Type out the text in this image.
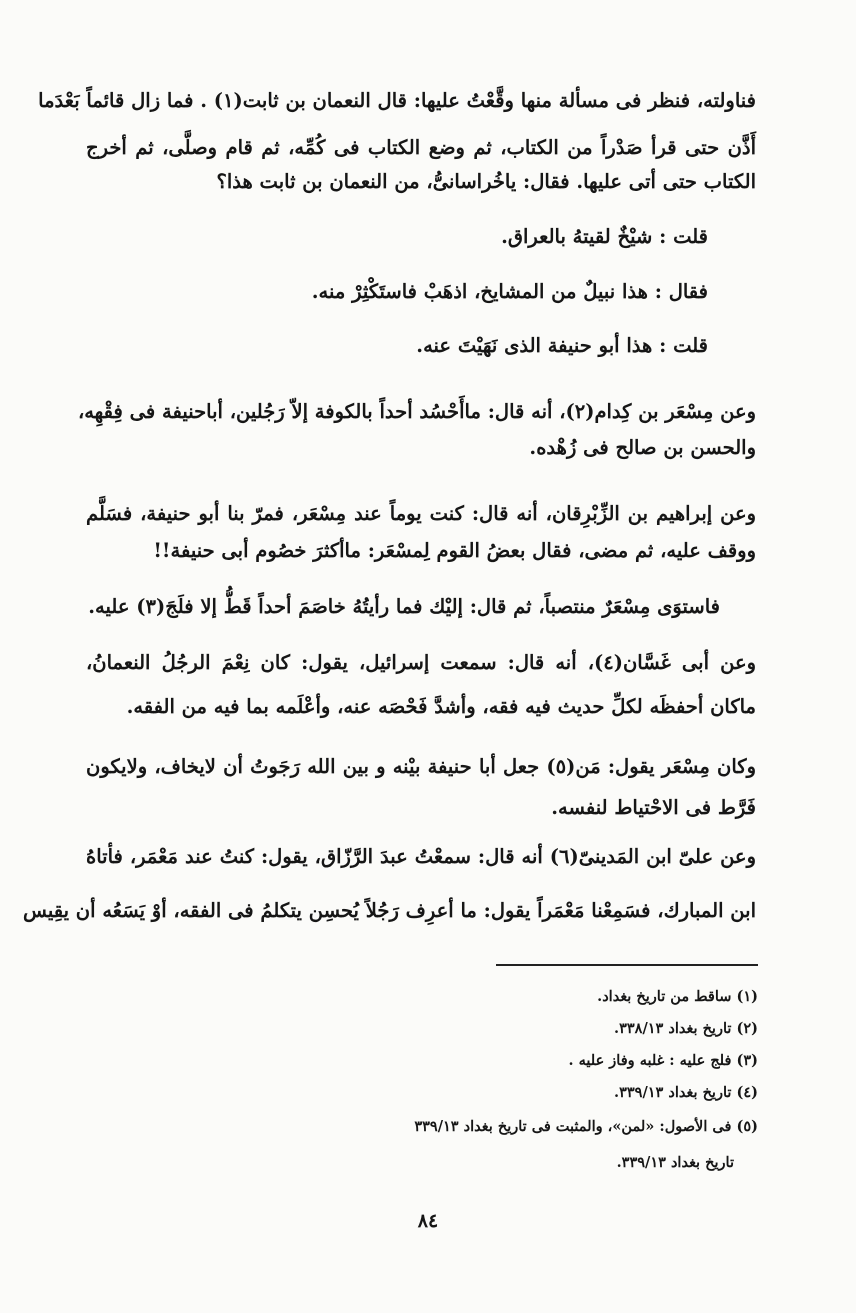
فناولته، فنظر فى مسألة منها وقَّعْتُ عليها: قال النعمان بن ثابت(١) . فما زال قائماً بَعْدَما
أَذَّن حتى قرأ صَدْراً من الكتاب، ثم وضع الكتاب فى كُمِّه، ثم قام وصلَّى، ثم أخرج
الكتاب حتى أتى عليها. فقال: ياخُراسانىُّ، من النعمان بن ثابت هذا؟
قلت : شيْخٌ لقيتهُ بالعراق.
فقال : هذا نبيلٌ من المشايخ، اذهَبْ فاستَكْثِرْ منه.
قلت : هذا أبو حنيفة الذى نَهَيْتَ عنه.
وعن مِسْعَر بن كِدام(٢)، أنه قال: ماأَحْسُد أحداً بالكوفة إلاّ رَجُلين، أباحنيفة فى فِقْهِه،
والحسن بن صالح فى زُهْده.
وعن إبراهيم بن الزِّبْرِقان، أنه قال: كنت يوماً عند مِسْعَر، فمرّ بنا أبو حنيفة، فسَلَّم
ووقف عليه، ثم مضى، فقال بعضُ القوم لِمسْعَر: ماأكثرَ خصُوم أبى حنيفة!!
فاستوَى مِسْعَرٌ منتصباً، ثم قال: إليْك فما رأيتُهُ خاصَمَ أحداً قَطُّ إلا فلَجَ(٣) عليه.
وعن أبى غَسَّان(٤)، أنه قال: سمعت إسرائيل، يقول: كان نِعْمَ الرجُلُ النعمانُ،
ماكان أحفظَه لكلِّ حديث فيه فقه، وأشدَّ فَحْصَه عنه، وأعْلَمه بما فيه من الفقه.
وكان مِسْعَر يقول: مَن(٥) جعل أبا حنيفة بيْنه و بين الله رَجَوتُ أن لايخاف، ولايكون
فَرَّط فى الاحْتياط لنفسه.
وعن علىّ ابن المَدينىّ(٦) أنه قال: سمعْتُ عبدَ الرَّزّاق، يقول: كنتُ عند مَعْمَر، فأتاهُ
ابن المبارك، فسَمِعْنا مَعْمَراً يقول: ما أعرِف رَجُلاً يُحسِن يتكلمُ فى الفقه، أوْ يَسَعُه أن يقِيس
(١) ساقط من تاريخ بغداد.
(٢) تاريخ بغداد ٣٣٨/١٣.
(٣) فلج عليه : غلبه وفاز عليه .
(٤) تاريخ بغداد ٣٣٩/١٣.
(٥) فى الأصول: «لمن»، والمثبت فى تاريخ بغداد ٣٣٩/١٣
تاريخ بغداد ٣٣٩/١٣.
٨٤
